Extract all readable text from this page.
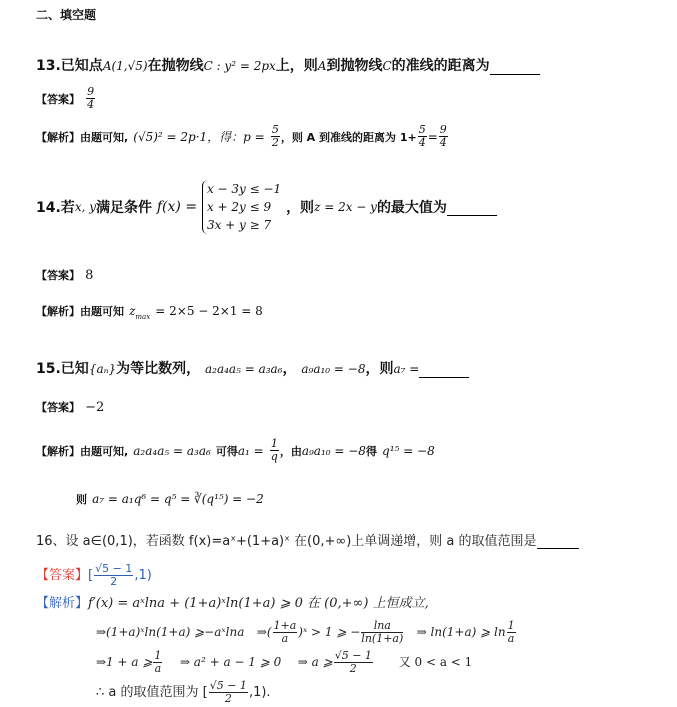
二、填空题
13.已知点A(1,√5)在抛物线C : y² = 2px上，则A到抛物线C的准线的距离为
【答案】 $\frac{9}{4}$
【解析】由题可知, (√5)² = 2p·1，得：$p = \frac{5}{2}$ ，则 A 到准线的距离为 $1+ \frac{5}{4} = \frac{9}{4}$
14.若x, y满足条件 f(x) =
x − 3y ≤ −1
x + 2y ≤ 9
3x + y ≥ 7
，则z = 2x − y的最大值为
【答案】 8
【解析】由题可知 $z_{max} = 2\times 5 - 2\times 1 = 8$
15.已知{aₙ}为等比数列， a₂a₄a₅ = a₃a₆， a₉a₁₀ = −8，则a₇ =
【答案】 −2
【解析】由题可知, a₂a₄a₅ = a₃a₆ 可得$a_1 = \frac{1}{q}$ ，由a₉a₁₀ = −8得 q¹⁵ = −8
则 a₇ = a₁q⁶ = q⁵ = ∛(q¹⁵) = −2
16、设 a∈(0,1)，若函数 f(x)=aˣ+(1+a)ˣ 在(0,+∞)上单调递增，则 a 的取值范围是
【答案】[ $\frac{√5 - 1}{2} ,1$)
【解析】f′(x) = aˣlna + (1+a)ˣln(1+a) ⩾ 0 在 (0,+∞) 上恒成立,
⇒(1+a)ˣln(1+a) ⩾−aˣlna ⇒( $\frac{1+a}{a}$ )ˣ > 1 ⩾ − $\frac{\ln a}{\ln(1+a)}$ ⇒ ln(1+a) ⩾ $\ln \frac{1}{a}$
⇒1 + a ⩾ $\frac{1}{a}$ ⇒ a² + a − 1 ⩾ 0 ⇒ a ⩾ $\frac{√5 - 1}{2}$ 又 0 < a < 1
∴ a 的取值范围为 [ $\frac{√5 - 1}{2} ,1$).
